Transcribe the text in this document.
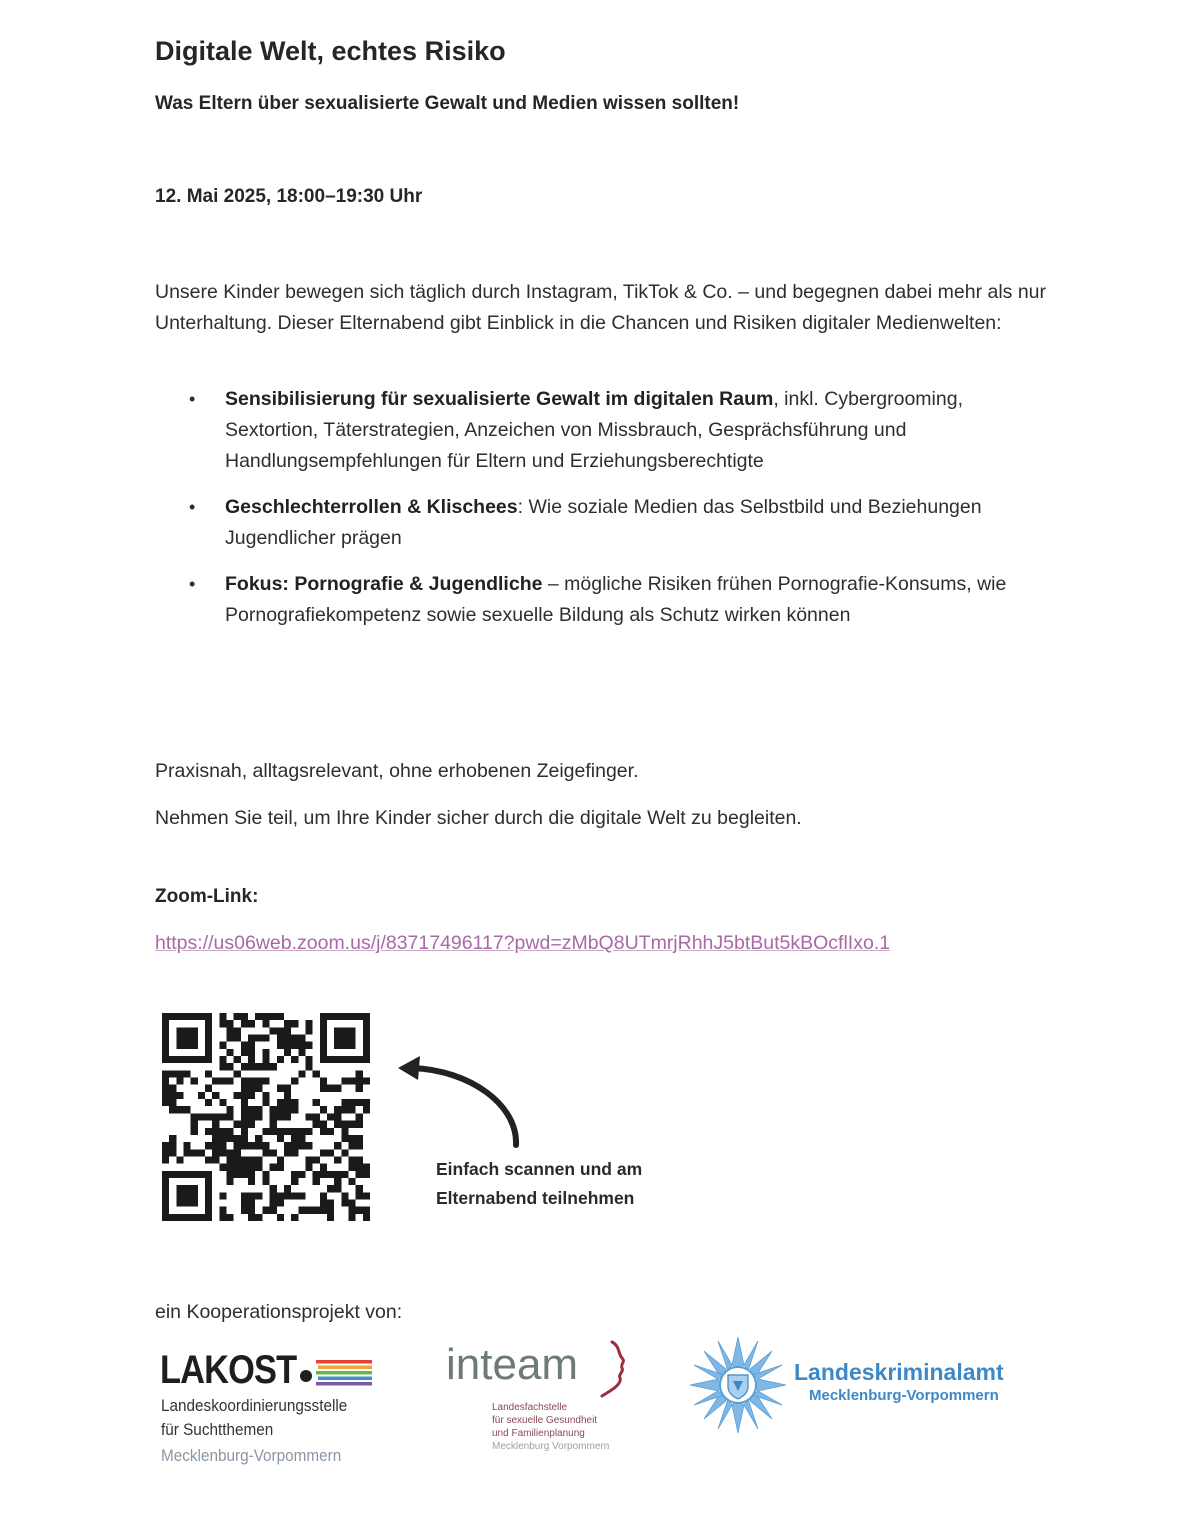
Digitale Welt, echtes Risiko
Was Eltern über sexualisierte Gewalt und Medien wissen sollten!

12. Mai 2025, 18:00–19:30 Uhr

Unsere Kinder bewegen sich täglich durch Instagram, TikTok & Co. – und begegnen dabei mehr als nur Unterhaltung. Dieser Elternabend gibt Einblick in die Chancen und Risiken digitaler Medienwelten:

• Sensibilisierung für sexualisierte Gewalt im digitalen Raum, inkl. Cybergrooming, Sextortion, Täterstrategien, Anzeichen von Missbrauch, Gesprächsführung und Handlungsempfehlungen für Eltern und Erziehungsberechtigte
• Geschlechterrollen & Klischees: Wie soziale Medien das Selbstbild und Beziehungen Jugendlicher prägen
• Fokus: Pornografie & Jugendliche – mögliche Risiken frühen Pornografie-Konsums, wie Pornografiekompetenz sowie sexuelle Bildung als Schutz wirken können

Praxisnah, alltagsrelevant, ohne erhobenen Zeigefinger.

Nehmen Sie teil, um Ihre Kinder sicher durch die digitale Welt zu begleiten.

Zoom-Link:

https://us06web.zoom.us/j/83717496117?pwd=zMbQ8UTmrjRhhJ5btBut5kBOcflIxo.1

Einfach scannen und am
Elternabend teilnehmen

ein Kooperationsprojekt von:

LAKOST
Landeskoordinierungsstelle
für Suchtthemen
Mecklenburg-Vorpommern
inteam
Landesfachstelle
für sexuelle Gesundheit
und Familienplanung
Mecklenburg Vorpommern
Landeskriminalamt
Mecklenburg-Vorpommern
